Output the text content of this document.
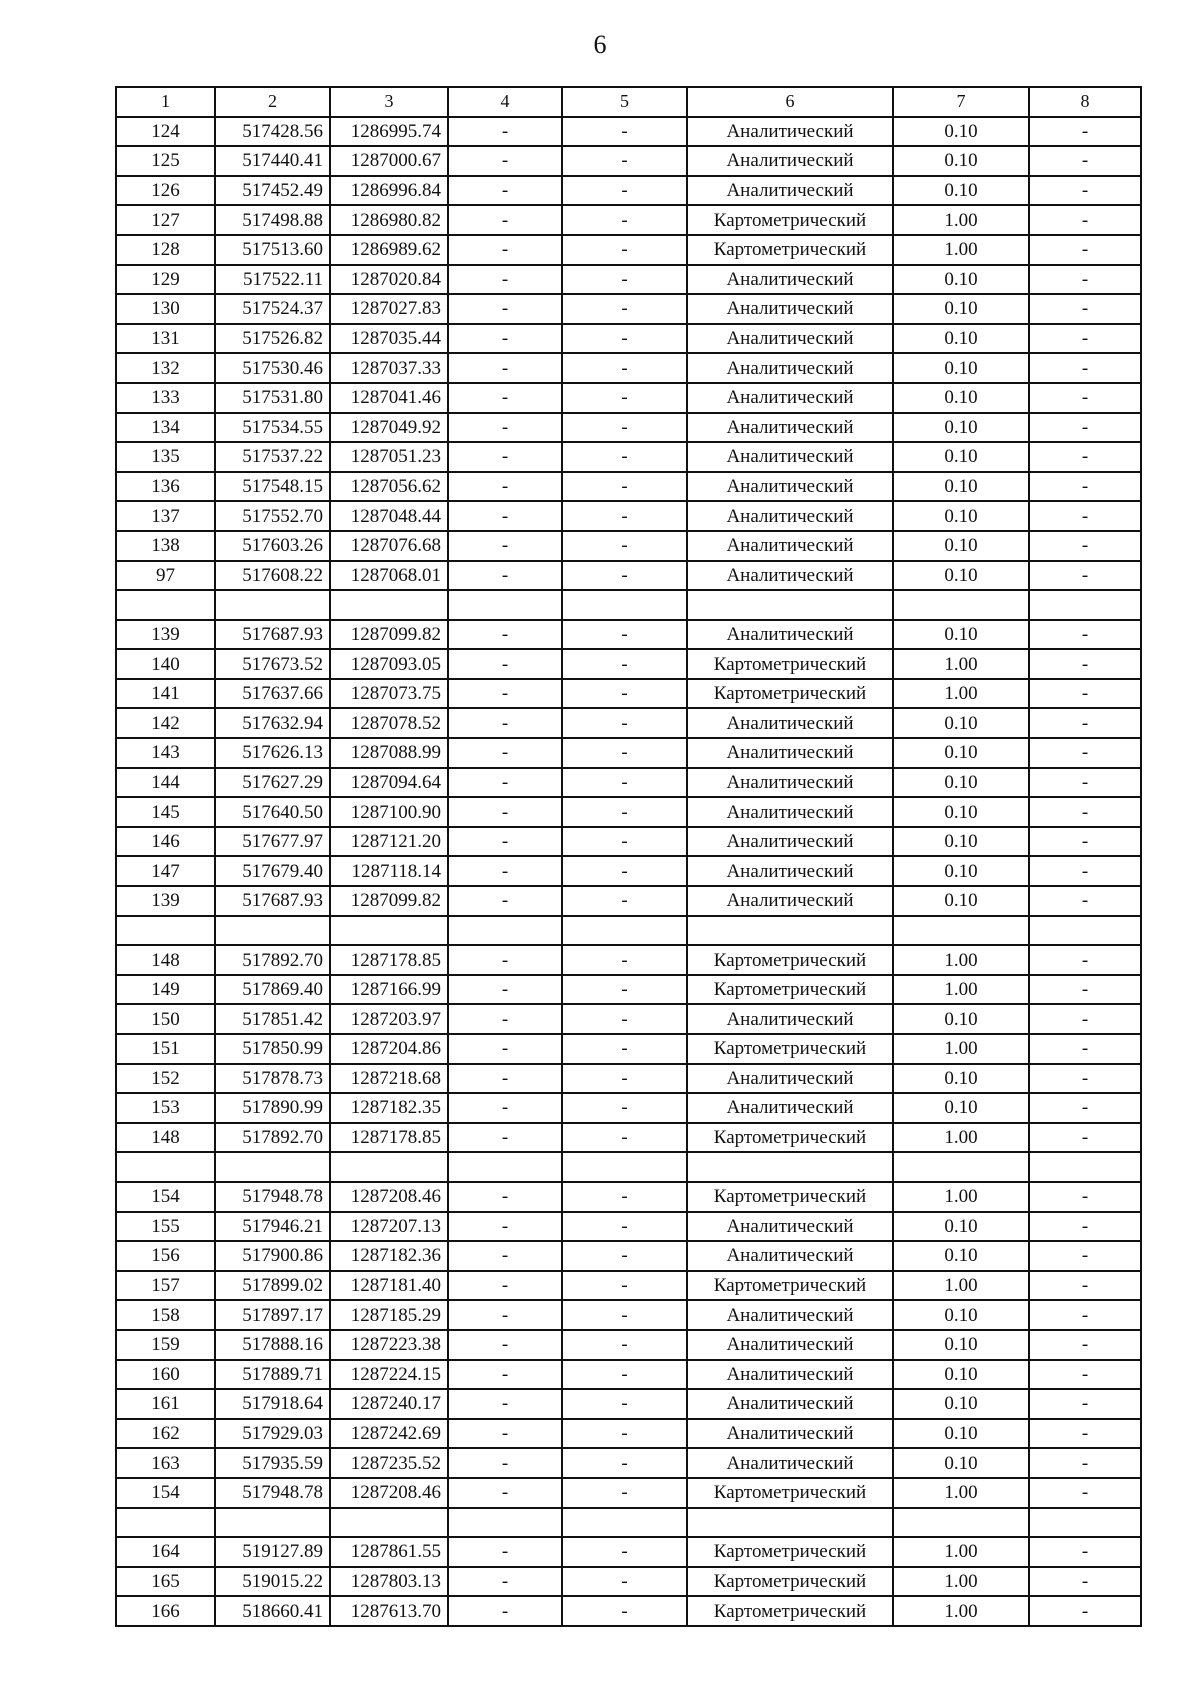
6
1	2	3	4	5	6	7	8
124	517428.56	1286995.74	-	-	Аналитический	0.10	-
125	517440.41	1287000.67	-	-	Аналитический	0.10	-
126	517452.49	1286996.84	-	-	Аналитический	0.10	-
127	517498.88	1286980.82	-	-	Картометрический	1.00	-
128	517513.60	1286989.62	-	-	Картометрический	1.00	-
129	517522.11	1287020.84	-	-	Аналитический	0.10	-
130	517524.37	1287027.83	-	-	Аналитический	0.10	-
131	517526.82	1287035.44	-	-	Аналитический	0.10	-
132	517530.46	1287037.33	-	-	Аналитический	0.10	-
133	517531.80	1287041.46	-	-	Аналитический	0.10	-
134	517534.55	1287049.92	-	-	Аналитический	0.10	-
135	517537.22	1287051.23	-	-	Аналитический	0.10	-
136	517548.15	1287056.62	-	-	Аналитический	0.10	-
137	517552.70	1287048.44	-	-	Аналитический	0.10	-
138	517603.26	1287076.68	-	-	Аналитический	0.10	-
97	517608.22	1287068.01	-	-	Аналитический	0.10	-

139	517687.93	1287099.82	-	-	Аналитический	0.10	-
140	517673.52	1287093.05	-	-	Картометрический	1.00	-
141	517637.66	1287073.75	-	-	Картометрический	1.00	-
142	517632.94	1287078.52	-	-	Аналитический	0.10	-
143	517626.13	1287088.99	-	-	Аналитический	0.10	-
144	517627.29	1287094.64	-	-	Аналитический	0.10	-
145	517640.50	1287100.90	-	-	Аналитический	0.10	-
146	517677.97	1287121.20	-	-	Аналитический	0.10	-
147	517679.40	1287118.14	-	-	Аналитический	0.10	-
139	517687.93	1287099.82	-	-	Аналитический	0.10	-

148	517892.70	1287178.85	-	-	Картометрический	1.00	-
149	517869.40	1287166.99	-	-	Картометрический	1.00	-
150	517851.42	1287203.97	-	-	Аналитический	0.10	-
151	517850.99	1287204.86	-	-	Картометрический	1.00	-
152	517878.73	1287218.68	-	-	Аналитический	0.10	-
153	517890.99	1287182.35	-	-	Аналитический	0.10	-
148	517892.70	1287178.85	-	-	Картометрический	1.00	-

154	517948.78	1287208.46	-	-	Картометрический	1.00	-
155	517946.21	1287207.13	-	-	Аналитический	0.10	-
156	517900.86	1287182.36	-	-	Аналитический	0.10	-
157	517899.02	1287181.40	-	-	Картометрический	1.00	-
158	517897.17	1287185.29	-	-	Аналитический	0.10	-
159	517888.16	1287223.38	-	-	Аналитический	0.10	-
160	517889.71	1287224.15	-	-	Аналитический	0.10	-
161	517918.64	1287240.17	-	-	Аналитический	0.10	-
162	517929.03	1287242.69	-	-	Аналитический	0.10	-
163	517935.59	1287235.52	-	-	Аналитический	0.10	-
154	517948.78	1287208.46	-	-	Картометрический	1.00	-

164	519127.89	1287861.55	-	-	Картометрический	1.00	-
165	519015.22	1287803.13	-	-	Картометрический	1.00	-
166	518660.41	1287613.70	-	-	Картометрический	1.00	-
